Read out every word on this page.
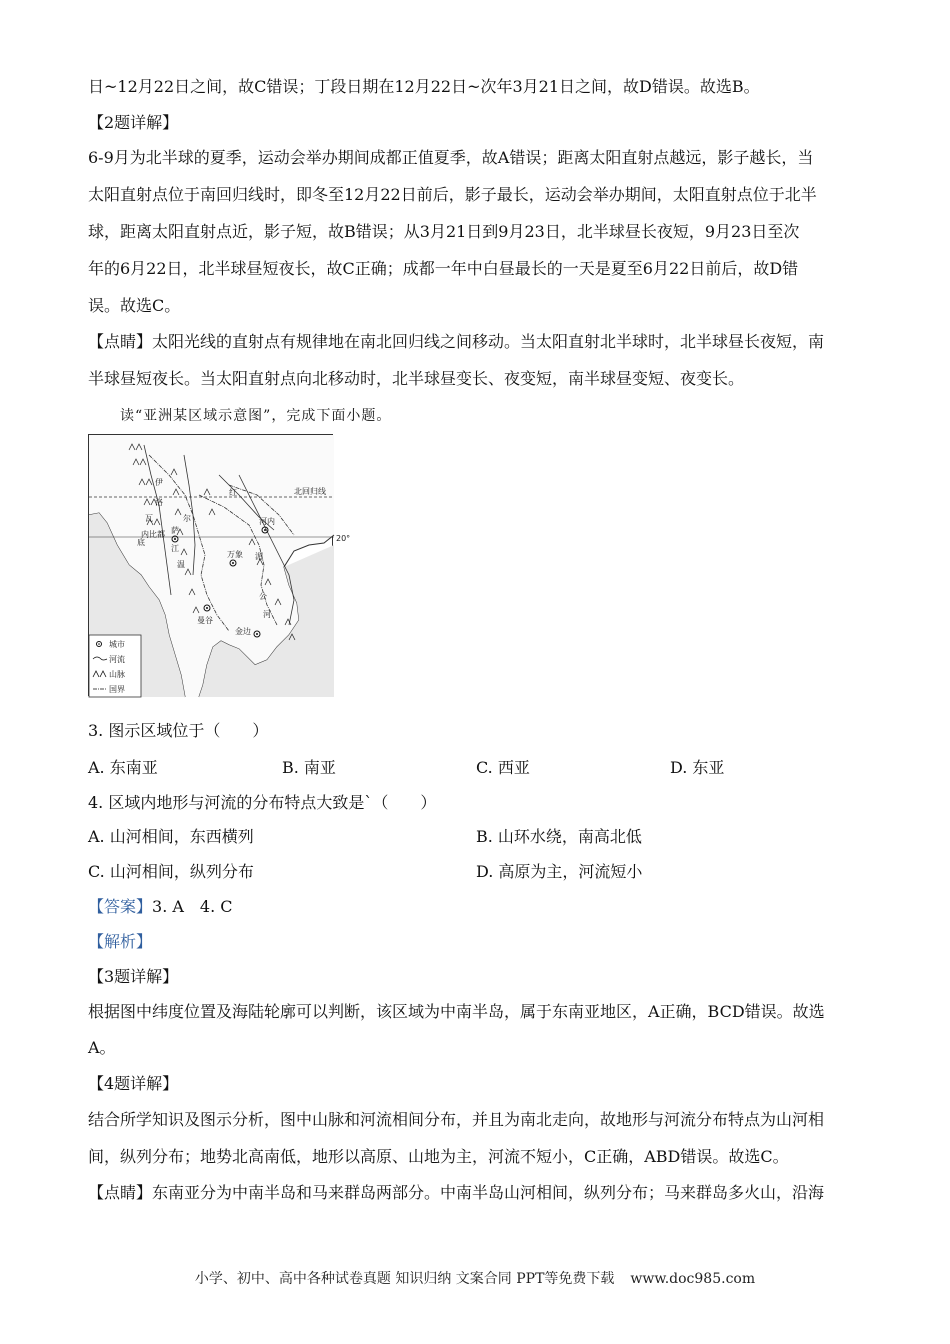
日~12月22日之间，故C错误；丁段日期在12月22日~次年3月21日之间，故D错误。故选B。
【2题详解】
6-9月为北半球的夏季，运动会举办期间成都正值夏季，故A错误；距离太阳直射点越远，影子越长，当
太阳直射点位于南回归线时，即冬至12月22日前后，影子最长，运动会举办期间，太阳直射点位于北半
球，距离太阳直射点近，影子短，故B错误；从3月21日到9月23日，北半球昼长夜短，9月23日至次
年的6月22日，北半球昼短夜长，故C正确；成都一年中白昼最长的一天是夏至6月22日前后，故D错
误。故选C。
【点睛】太阳光线的直射点有规律地在南北回归线之间移动。当太阳直射北半球时，北半球昼长夜短，南
半球昼短夜长。当太阳直射点向北移动时，北半球昼变长、夜变短，南半球昼变短、夜变长。
读“亚洲某区域示意图”，完成下面小题。
北回归线
20°
红
伊
洛
瓦
底
江
萨
尔
温
湄
公
河
内比都
河内
万象
曼谷
金边
城市
河流
山脉
国界
3. 图示区域位于（　　）
A. 东南亚	B. 南亚	C. 西亚	D. 东亚
4. 区域内地形与河流的分布特点大致是`（　　）
A. 山河相间，东西横列	B. 山环水绕，南高北低
C. 山河相间，纵列分布	D. 高原为主，河流短小
【答案】3. A　4. C
【解析】
【3题详解】
根据图中纬度位置及海陆轮廓可以判断，该区域为中南半岛，属于东南亚地区，A正确，BCD错误。故选
A。
【4题详解】
结合所学知识及图示分析，图中山脉和河流相间分布，并且为南北走向，故地形与河流分布特点为山河相
间，纵列分布；地势北高南低，地形以高原、山地为主，河流不短小，C正确，ABD错误。故选C。
【点睛】东南亚分为中南半岛和马来群岛两部分。中南半岛山河相间，纵列分布；马来群岛多火山，沿海
小学、初中、高中各种试卷真题 知识归纳 文案合同 PPT等免费下载 www.doc985.com
